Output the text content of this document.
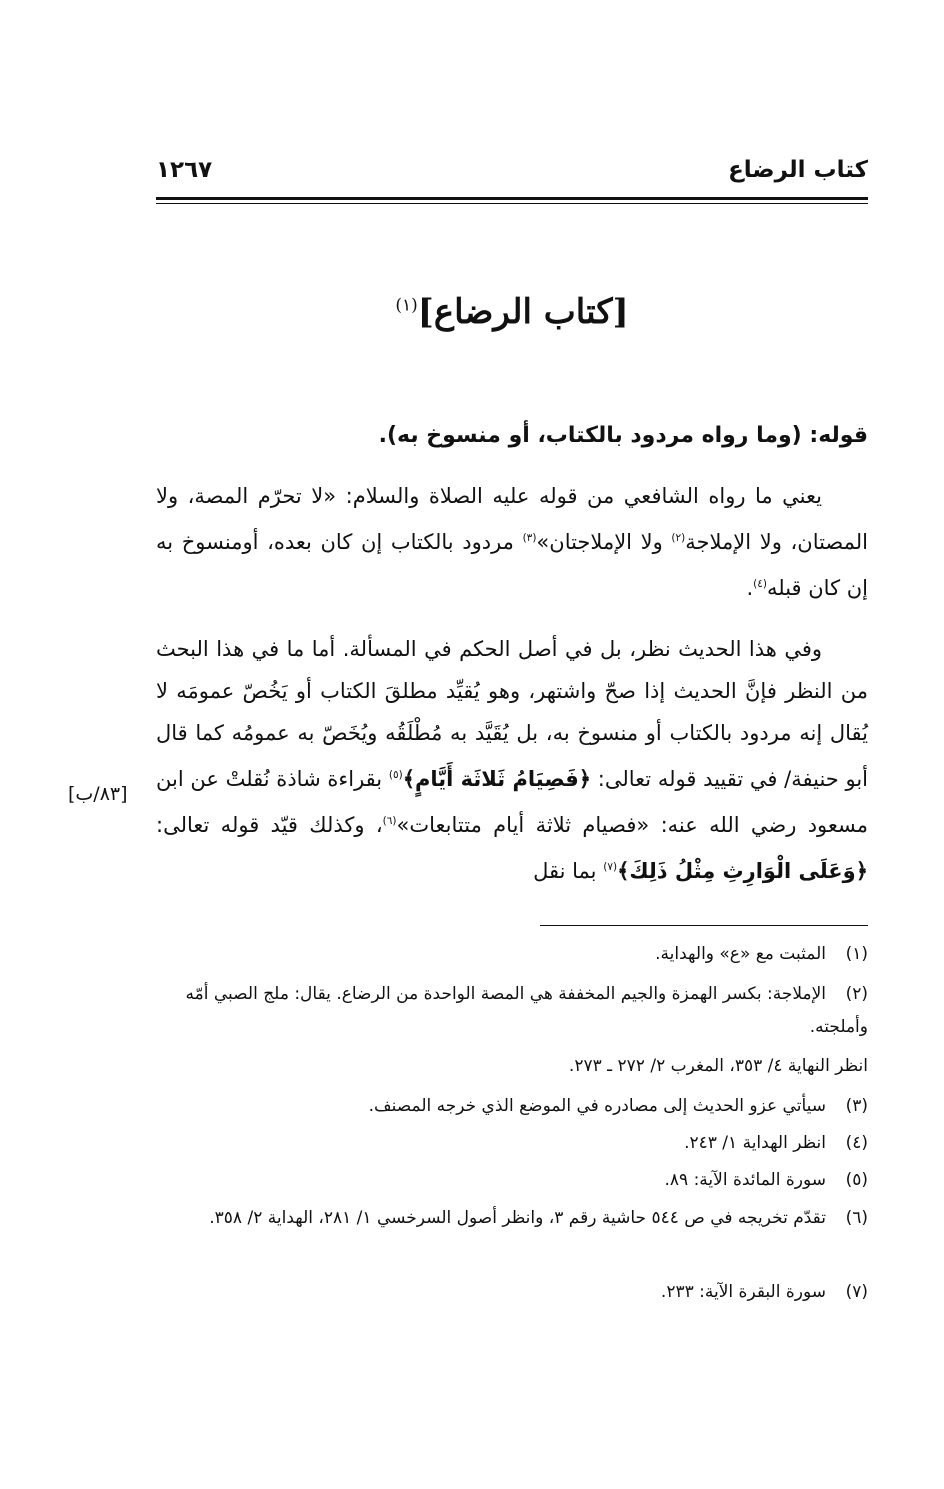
كتاب الرضاع
١٢٦٧
[كتاب الرضاع]$^{(١)}$
قوله: (وما رواه مردود بالكتاب، أو منسوخ به).
يعني ما رواه الشافعي من قوله عليه الصلاة والسلام: «لا تحرّم المصة، ولا المصتان، ولا الإملاجة$^{(٢)}$ ولا الإملاجتان»$^{(٣)}$ مردود بالكتاب إن كان بعده، أومنسوخ به إن كان قبله$^{(٤)}$.
وفي هذا الحديث نظر، بل في أصل الحكم في المسألة. أما ما في هذا البحث من النظر فإنَّ الحديث إذا صحّ واشتهر، وهو يُقيِّد مطلقَ الكتاب أو يَخُصّ عمومَه لا يُقال إنه مردود بالكتاب أو منسوخ به، بل يُقَيَّد به مُطْلَقُه ويُخَصّ به عمومُه كما قال أبو حنيفة/ في تقييد قوله تعالى: ﴿فَصِيَامُ ثَلاثَة أَيَّامٍ﴾$^{(٥)}$ بقراءة شاذة نُقلتْ عن ابن مسعود رضي الله عنه: «فصيام ثلاثة أيام متتابعات»$^{(٦)}$، وكذلك قيّد قوله تعالى: ﴿وَعَلَى الْوَارِثِ مِثْلُ ذَلِكَ﴾$^{(٧)}$ بما نقل
[٨٣/ب]
(١)المثبت مع «ع» والهداية.
(٢)الإملاجة: بكسر الهمزة والجيم المخففة هي المصة الواحدة من الرضاع. يقال: ملج الصبي أمّه وأملجته.
انظر النهاية ٤/ ٣٥٣، المغرب ٢/ ٢٧٢ ـ ٢٧٣.
(٣)سيأتي عزو الحديث إلى مصادره في الموضع الذي خرجه المصنف.
(٤)انظر الهداية ١/ ٢٤٣.
(٥)سورة المائدة الآية: ٨٩.
(٦)تقدّم تخريجه في ص ٥٤٤ حاشية رقم ٣، وانظر أصول السرخسي ١/ ٢٨١، الهداية ٢/ ٣٥٨.
(٧)سورة البقرة الآية: ٢٣٣.
